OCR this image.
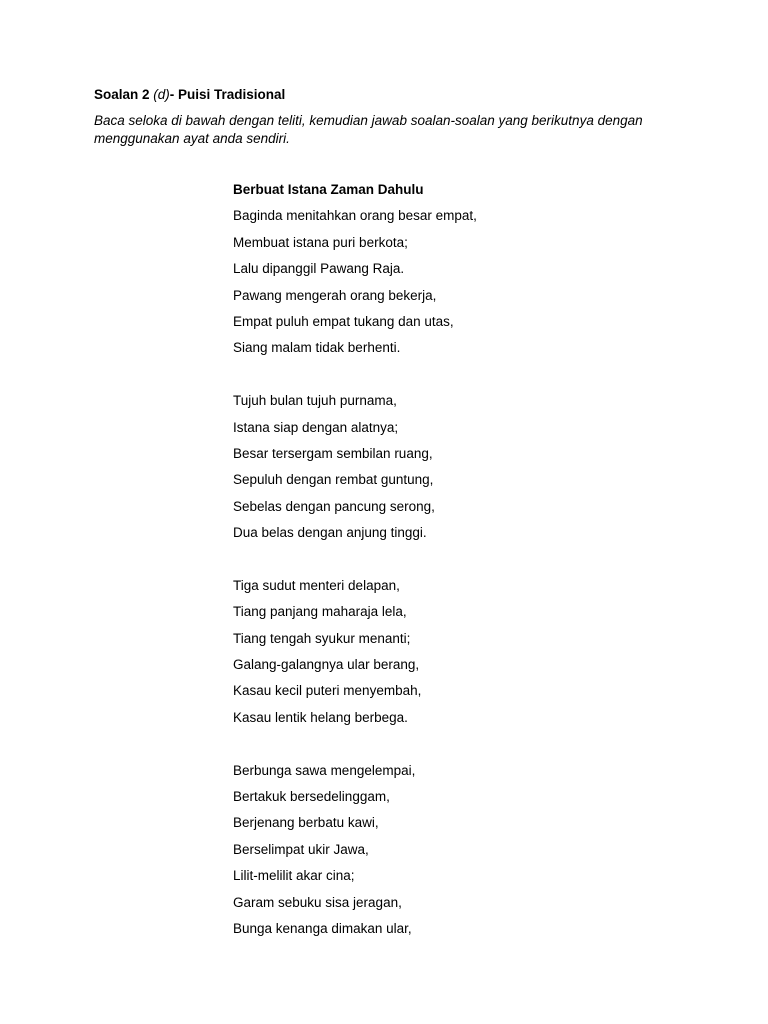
Soalan 2 (d)- Puisi Tradisional
Baca seloka di bawah dengan teliti, kemudian jawab soalan-soalan yang berikutnya dengan menggunakan ayat anda sendiri.
Berbuat Istana Zaman Dahulu
Baginda menitahkan orang besar empat,
Membuat istana puri berkota;
Lalu dipanggil Pawang Raja.
Pawang mengerah orang bekerja,
Empat puluh empat tukang dan utas,
Siang malam tidak berhenti.
Tujuh bulan tujuh purnama,
Istana siap dengan alatnya;
Besar tersergam sembilan ruang,
Sepuluh dengan rembat guntung,
Sebelas dengan pancung serong,
Dua belas dengan anjung tinggi.
Tiga sudut menteri delapan,
Tiang panjang maharaja lela,
Tiang tengah syukur menanti;
Galang-galangnya ular berang,
Kasau kecil puteri menyembah,
Kasau lentik helang berbega.
Berbunga sawa mengelempai,
Bertakuk bersedelinggam,
Berjenang berbatu kawi,
Berselimpat ukir Jawa,
Lilit-melilit akar cina;
Garam sebuku sisa jeragan,
Bunga kenanga dimakan ular,
